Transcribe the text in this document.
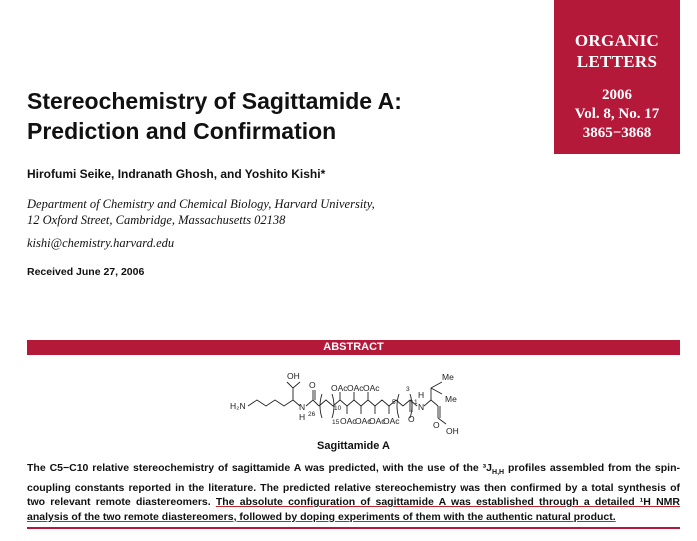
ORGANIC
LETTERS
2006
Vol. 8, No. 17
3865−3868
Stereochemistry of Sagittamide A:
Prediction and Confirmation
Hirofumi Seike, Indranath Ghosh, and Yoshito Kishi*
Department of Chemistry and Chemical Biology, Harvard University,
12 Oxford Street, Cambridge, Massachusetts 02138
kishi@chemistry.harvard.edu
Received June 27, 2006
ABSTRACT
OH
H₂N
O
N
H 26
10
15
5
3
1
OAc OAc OAc
OAc
OAc
OAc
OAc O
H
N
Me
Me
O
OH
Sagittamide A
The C5−C10 relative stereochemistry of sagittamide A was predicted, with the use of the $^3J_{H,H}$ profiles assembled from the spin-coupling constants reported in the literature. The predicted relative stereochemistry was then confirmed by a total synthesis of two relevant remote diastereomers. The absolute configuration of sagittamide A was established through a detailed ¹H NMR analysis of the two remote diastereomers, followed by doping experiments of them with the authentic natural product.
